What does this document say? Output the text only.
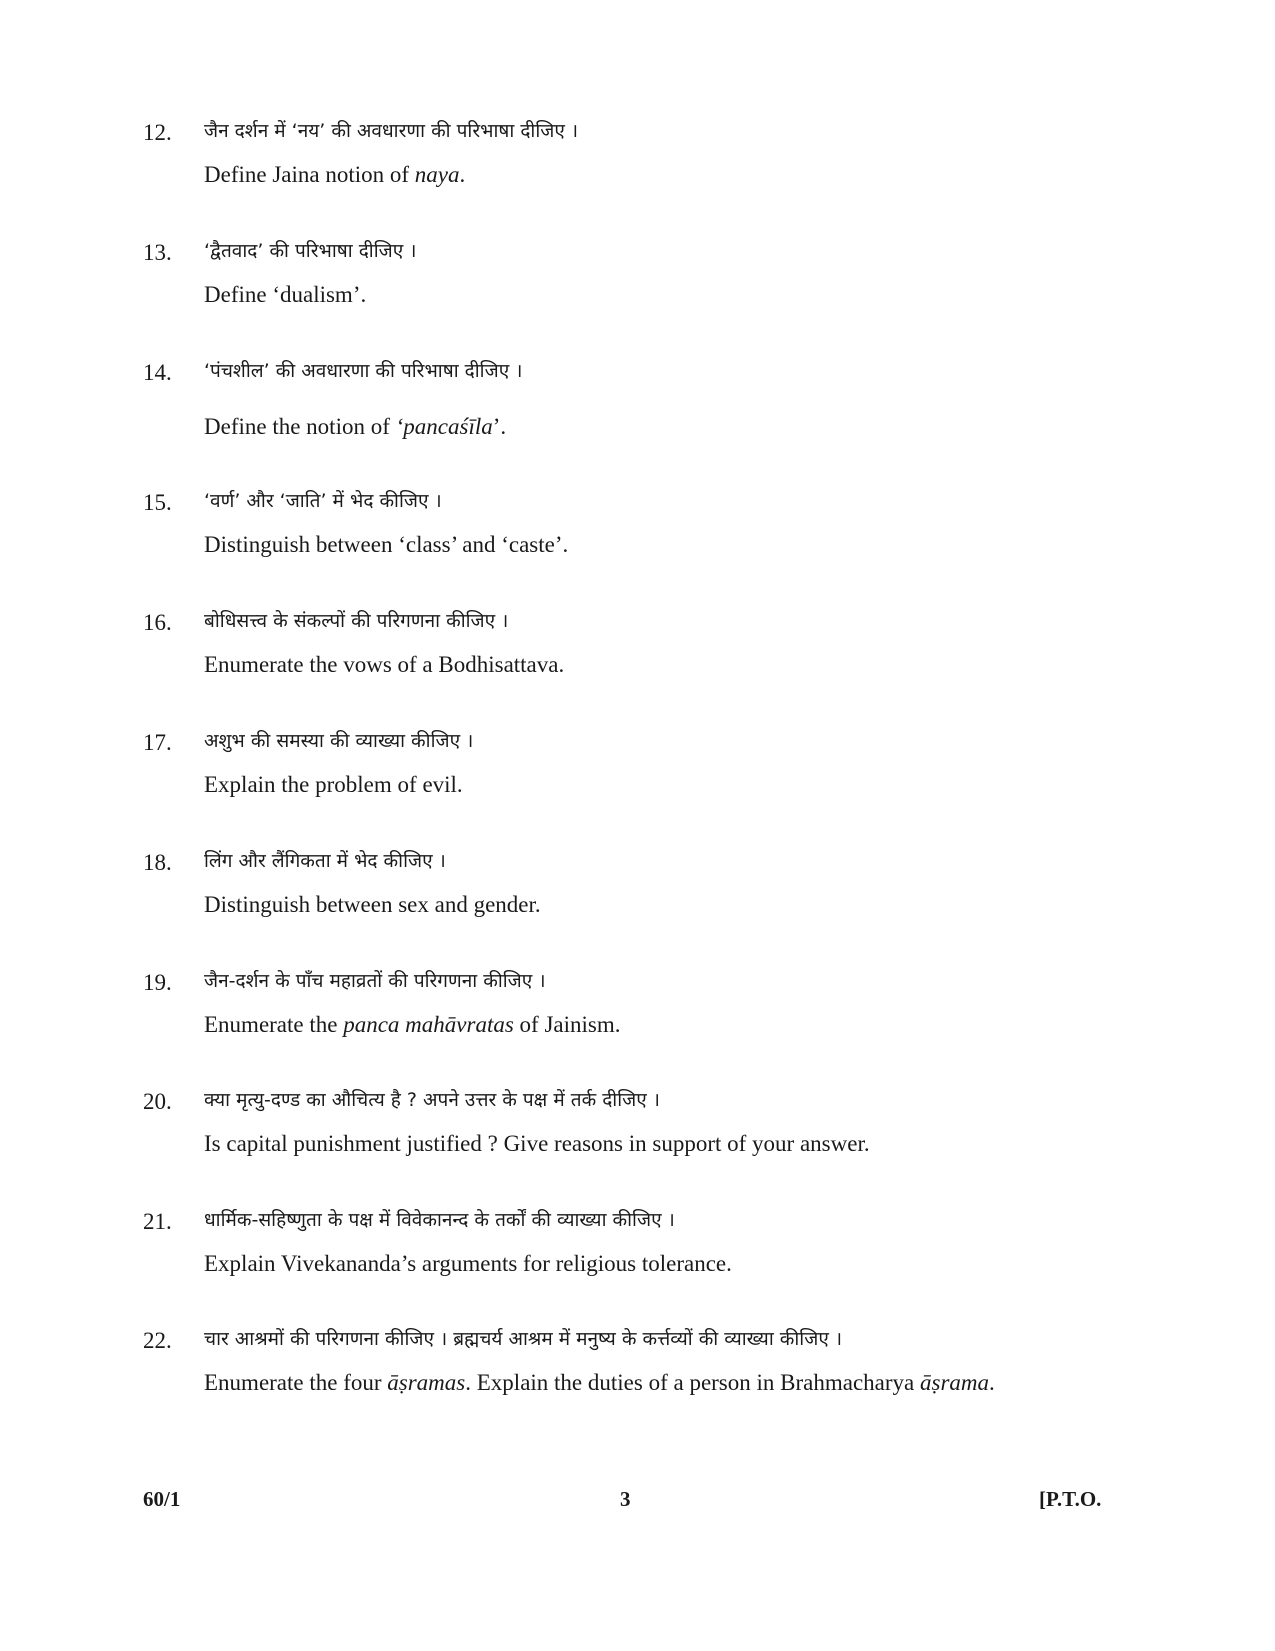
12. जैन दर्शन में ‘नय’ की अवधारणा की परिभाषा दीजिए ।
Define Jaina notion of naya.
13. ‘द्वैतवाद’ की परिभाषा दीजिए ।
Define ‘dualism’.
14. ‘पंचशील’ की अवधारणा की परिभाषा दीजिए ।
Define the notion of ‘pancaśīla’.
15. ‘वर्ण’ और ‘जाति’ में भेद कीजिए ।
Distinguish between ‘class’ and ‘caste’.
16. बोधिसत्त्व के संकल्पों की परिगणना कीजिए ।
Enumerate the vows of a Bodhisattava.
17. अशुभ की समस्या की व्याख्या कीजिए ।
Explain the problem of evil.
18. लिंग और लैंगिकता में भेद कीजिए ।
Distinguish between sex and gender.
19. जैन-दर्शन के पाँच महाव्रतों की परिगणना कीजिए ।
Enumerate the panca mahāvratas of Jainism.
20. क्या मृत्यु-दण्ड का औचित्य है ? अपने उत्तर के पक्ष में तर्क दीजिए ।
Is capital punishment justified ? Give reasons in support of your answer.
21. धार्मिक-सहिष्णुता के पक्ष में विवेकानन्द के तर्कों की व्याख्या कीजिए ।
Explain Vivekananda’s arguments for religious tolerance.
22. चार आश्रमों की परिगणना कीजिए । ब्रह्मचर्य आश्रम में मनुष्य के कर्त्तव्यों की व्याख्या कीजिए ।
Enumerate the four āṣramas. Explain the duties of a person in Brahmacharya āṣrama.
60/1	3	[P.T.O.
